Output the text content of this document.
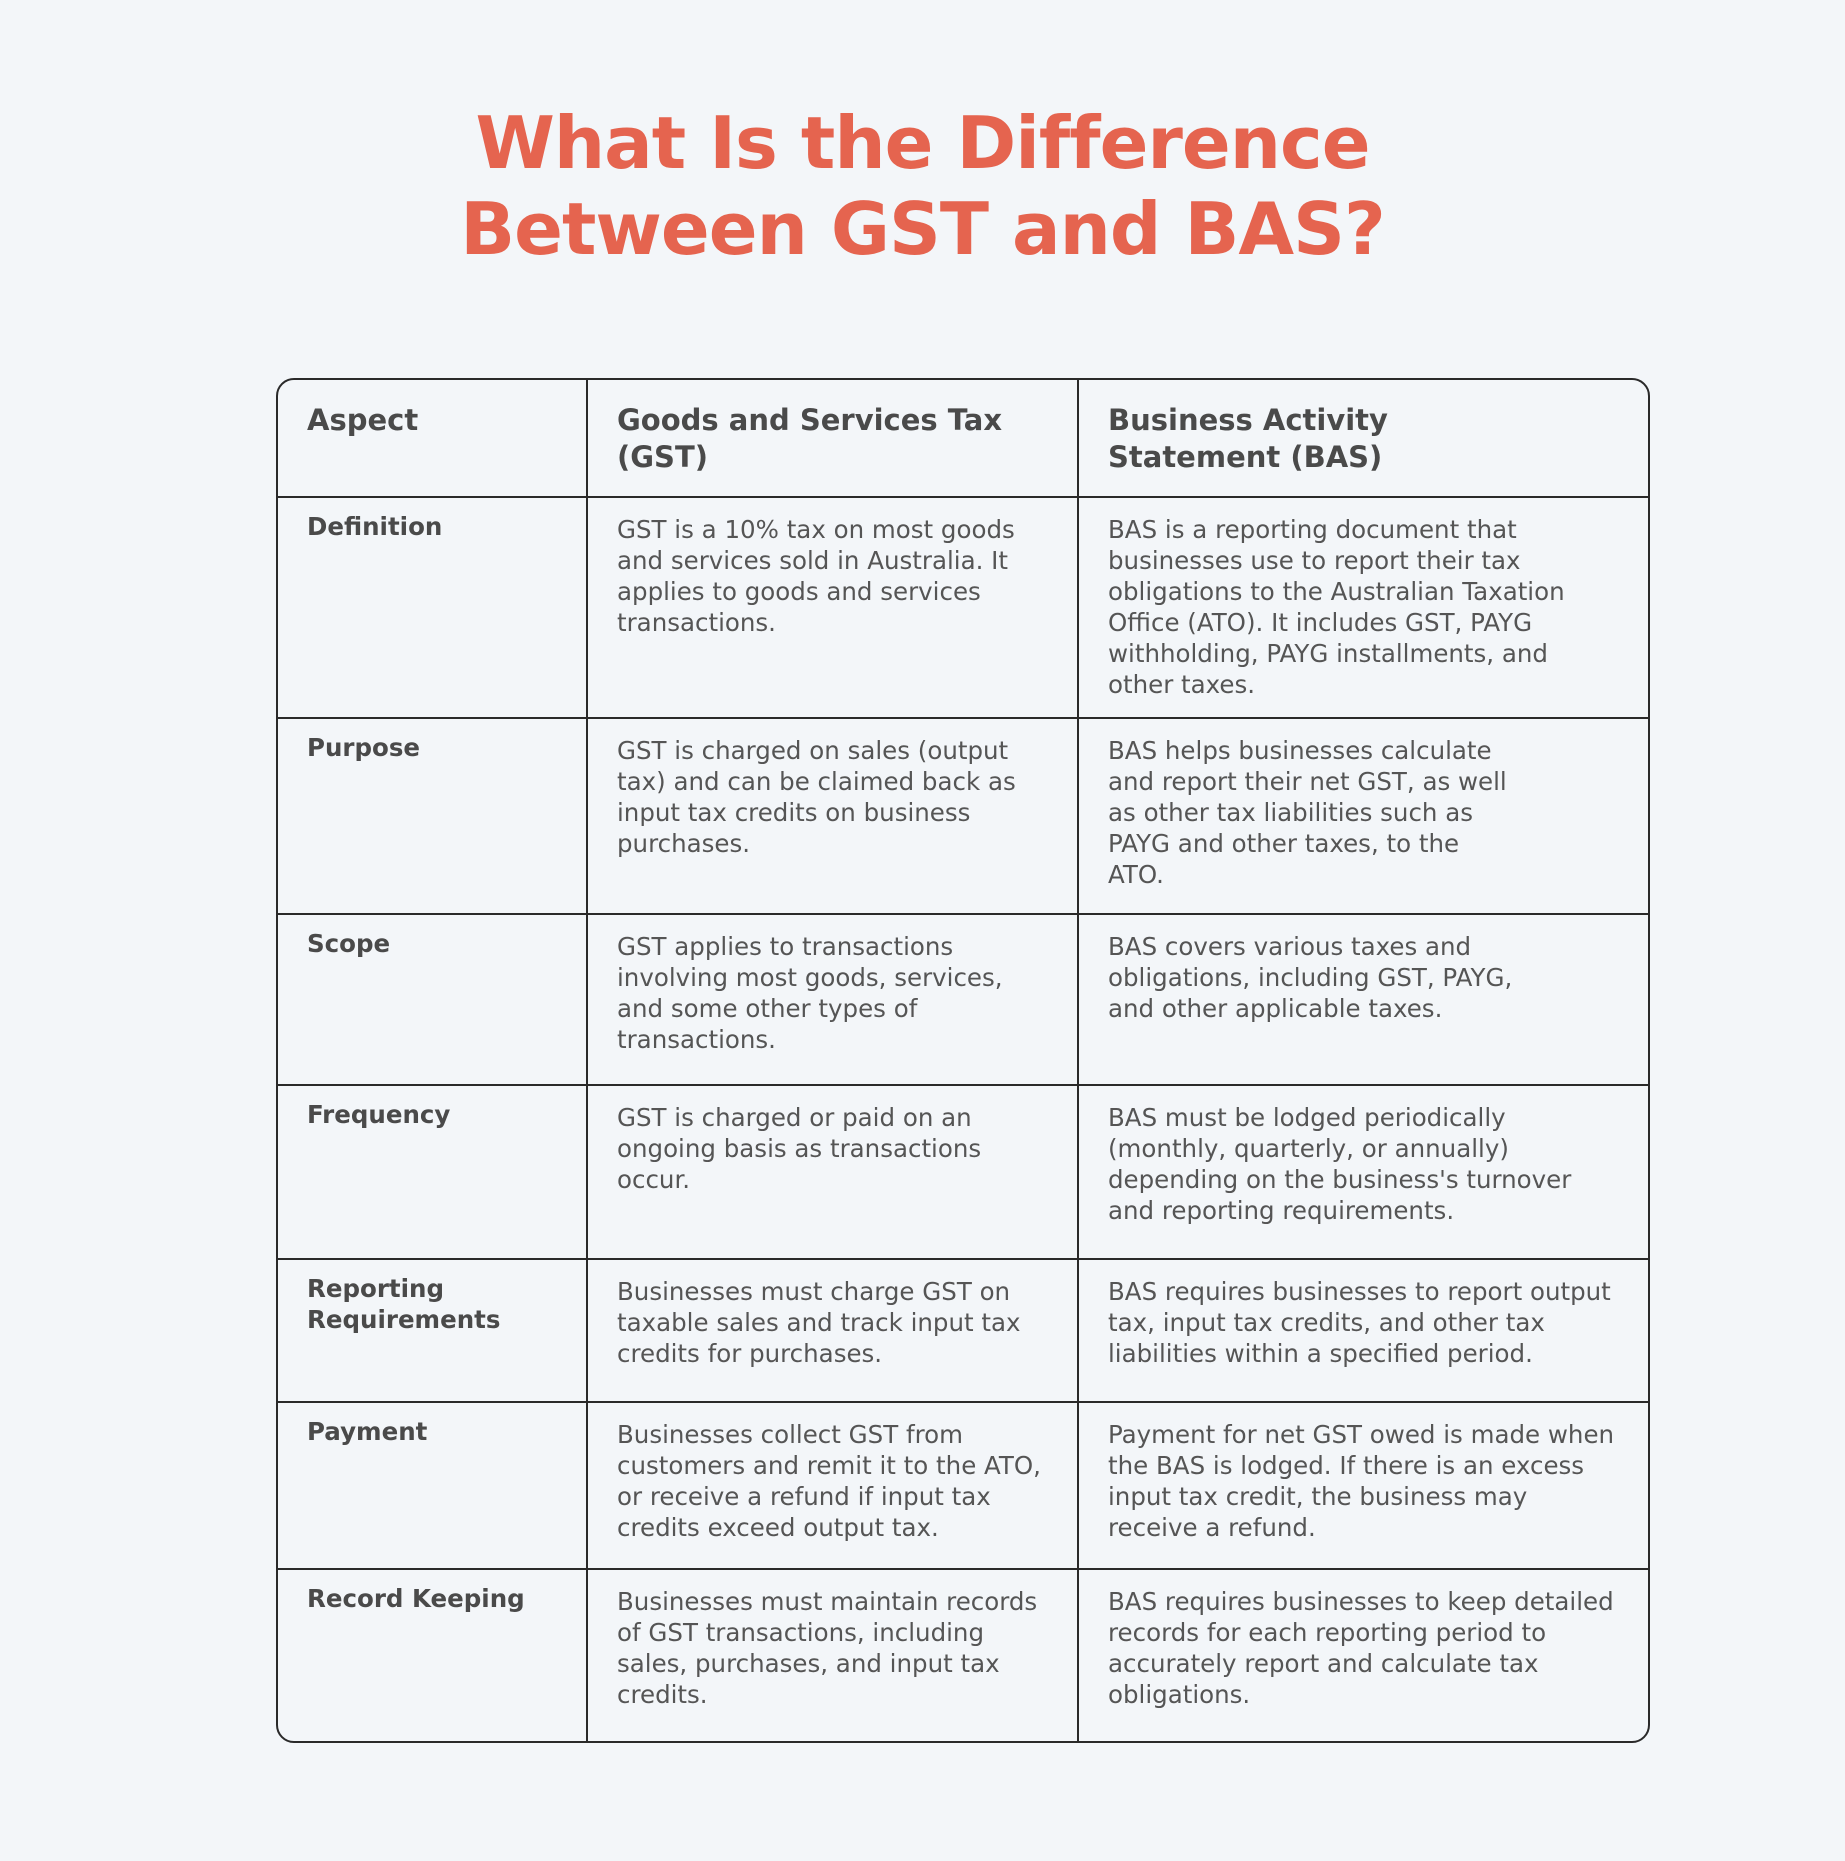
What Is the Difference
Between GST and BAS?
Aspect	Goods and Services Tax (GST)	Business Activity Statement (BAS)

Definition	GST is a 10% tax on most goods and services sold in Australia. It applies to goods and services transactions.	BAS is a reporting document that businesses use to report their tax obligations to the Australian Taxation Office (ATO). It includes GST, PAYG withholding, PAYG installments, and other taxes.
Purpose	GST is charged on sales (output tax) and can be claimed back as input tax credits on business purchases.	BAS helps businesses calculate and report their net GST, as well as other tax liabilities such as PAYG and other taxes, to the ATO.

Scope	GST applies to transactions involving most goods, services, and some other types of transactions.	BAS covers various taxes and obligations, including GST, PAYG, and other applicable taxes.

Frequency	GST is charged or paid on an ongoing basis as transactions occur.	BAS must be lodged periodically (monthly, quarterly, or annually) depending on the business's turnover and reporting requirements.
Reporting Requirements	Businesses must charge GST on taxable sales and track input tax credits for purchases.	BAS requires businesses to report output tax, input tax credits, and other tax liabilities within a specified period.
Payment	Businesses collect GST from customers and remit it to the ATO, or receive a refund if input tax credits exceed output tax.	Payment for net GST owed is made when the BAS is lodged. If there is an excess input tax credit, the business may receive a refund.
Record Keeping	Businesses must maintain records of GST transactions, including sales, purchases, and input tax credits.	BAS requires businesses to keep detailed records for each reporting period to accurately report and calculate tax obligations.
